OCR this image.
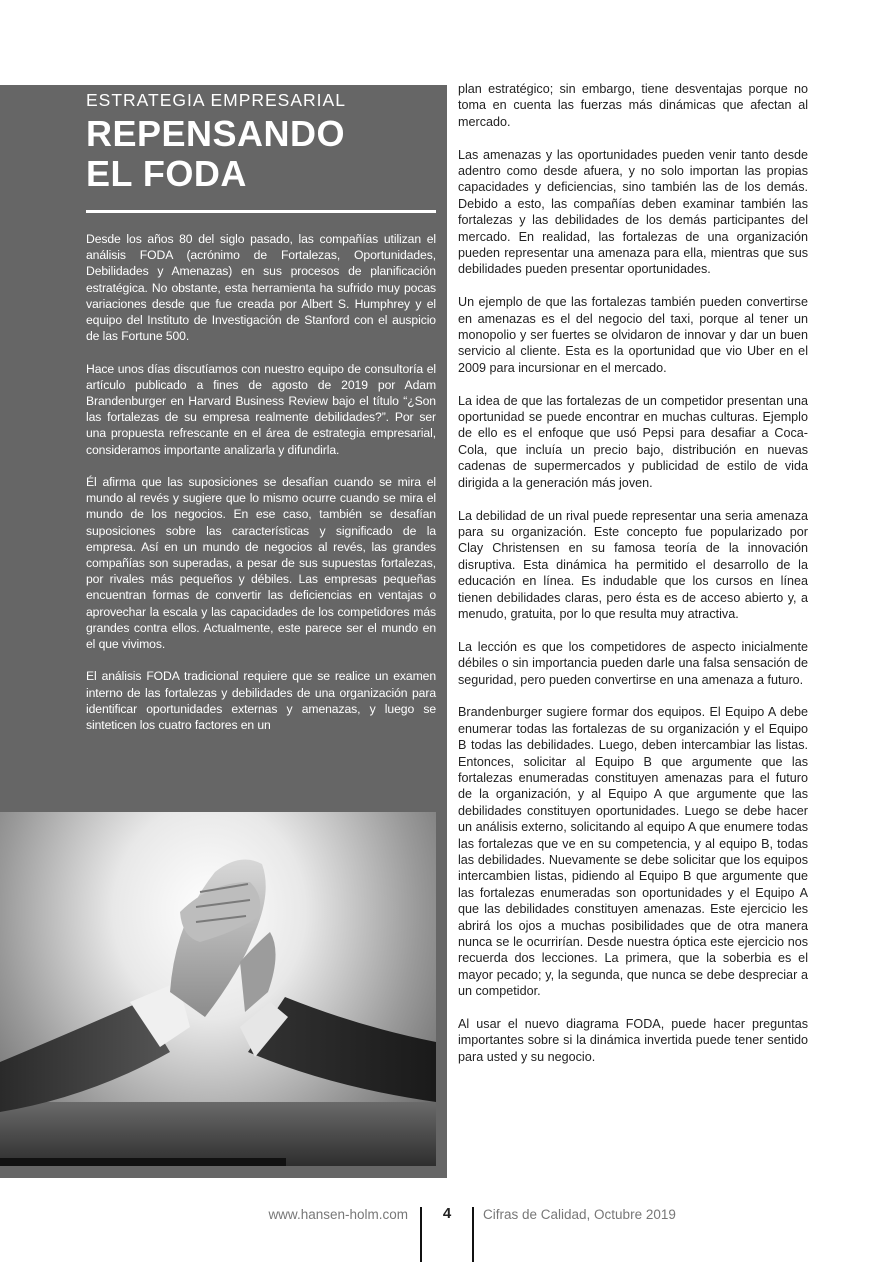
ESTRATEGIA EMPRESARIAL
REPENSANDO
EL FODA

Desde los años 80 del siglo pasado, las compañías utilizan el análisis FODA (acrónimo de Fortalezas, Oportunidades, Debilidades y Amenazas) en sus procesos de planificación estratégica. No obstante, esta herramienta ha sufrido muy pocas variaciones desde que fue creada por Albert S. Humphrey y el equipo del Instituto de Investigación de Stanford con el auspicio de las Fortune 500.

Hace unos días discutíamos con nuestro equipo de consultoría el artículo publicado a fines de agosto de 2019 por Adam Brandenburger en Harvard Business Review bajo el título “¿Son las fortalezas de su empresa realmente debilidades?”. Por ser una propuesta refrescante en el área de estrategia empresarial, consideramos importante analizarla y difundirla.

Él afirma que las suposiciones se desafían cuando se mira el mundo al revés y sugiere que lo mismo ocurre cuando se mira el mundo de los negocios. En ese caso, también se desafían suposiciones sobre las características y significado de la empresa. Así en un mundo de negocios al revés, las grandes compañías son superadas, a pesar de sus supuestas fortalezas, por rivales más pequeños y débiles. Las empresas pequeñas encuentran formas de convertir las deficiencias en ventajas o aprovechar la escala y las capacidades de los competidores más grandes contra ellos. Actualmente, este parece ser el mundo en el que vivimos.

El análisis FODA tradicional requiere que se realice un examen interno de las fortalezas y debilidades de una organización para identificar oportunidades externas y amenazas, y luego se sinteticen los cuatro factores en un

plan estratégico; sin embargo, tiene desventajas porque no toma en cuenta las fuerzas más dinámicas que afectan al mercado.

Las amenazas y las oportunidades pueden venir tanto desde adentro como desde afuera, y no solo importan las propias capacidades y deficiencias, sino también las de los demás. Debido a esto, las compañías deben examinar también las fortalezas y las debilidades de los demás participantes del mercado. En realidad, las fortalezas de una organización pueden representar una amenaza para ella, mientras que sus debilidades pueden presentar oportunidades.

Un ejemplo de que las fortalezas también pueden convertirse en amenazas es el del negocio del taxi, porque al tener un monopolio y ser fuertes se olvidaron de innovar y dar un buen servicio al cliente. Esta es la oportunidad que vio Uber en el 2009 para incursionar en el mercado.

La idea de que las fortalezas de un competidor presentan una oportunidad se puede encontrar en muchas culturas. Ejemplo de ello es el enfoque que usó Pepsi para desafiar a Coca-Cola, que incluía un precio bajo, distribución en nuevas cadenas de supermercados y publicidad de estilo de vida dirigida a la generación más joven.

La debilidad de un rival puede representar una seria amenaza para su organización. Este concepto fue popularizado por Clay Christensen en su famosa teoría de la innovación disruptiva. Esta dinámica ha permitido el desarrollo de la educación en línea. Es indudable que los cursos en línea tienen debilidades claras, pero ésta es de acceso abierto y, a menudo, gratuita, por lo que resulta muy atractiva.

La lección es que los competidores de aspecto inicialmente débiles o sin importancia pueden darle una falsa sensación de seguridad, pero pueden convertirse en una amenaza a futuro.

Brandenburger sugiere formar dos equipos. El Equipo A debe enumerar todas las fortalezas de su organización y el Equipo B todas las debilidades. Luego, deben intercambiar las listas. Entonces, solicitar al Equipo B que argumente que las fortalezas enumeradas constituyen amenazas para el futuro de la organización, y al Equipo A que argumente que las debilidades constituyen oportunidades. Luego se debe hacer un análisis externo, solicitando al equipo A que enumere todas las fortalezas que ve en su competencia, y al equipo B, todas las debilidades. Nuevamente se debe solicitar que los equipos intercambien listas, pidiendo al Equipo B que argumente que las fortalezas enumeradas son oportunidades y el Equipo A que las debilidades constituyen amenazas. Este ejercicio les abrirá los ojos a muchas posibilidades que de otra manera nunca se le ocurrirían. Desde nuestra óptica este ejercicio nos recuerda dos lecciones. La primera, que la soberbia es el mayor pecado; y, la segunda, que nunca se debe despreciar a un competidor.

Al usar el nuevo diagrama FODA, puede hacer preguntas importantes sobre si la dinámica invertida puede tener sentido para usted y su negocio.

www.hansen-holm.com	4	Cifras de Calidad, Octubre 2019
